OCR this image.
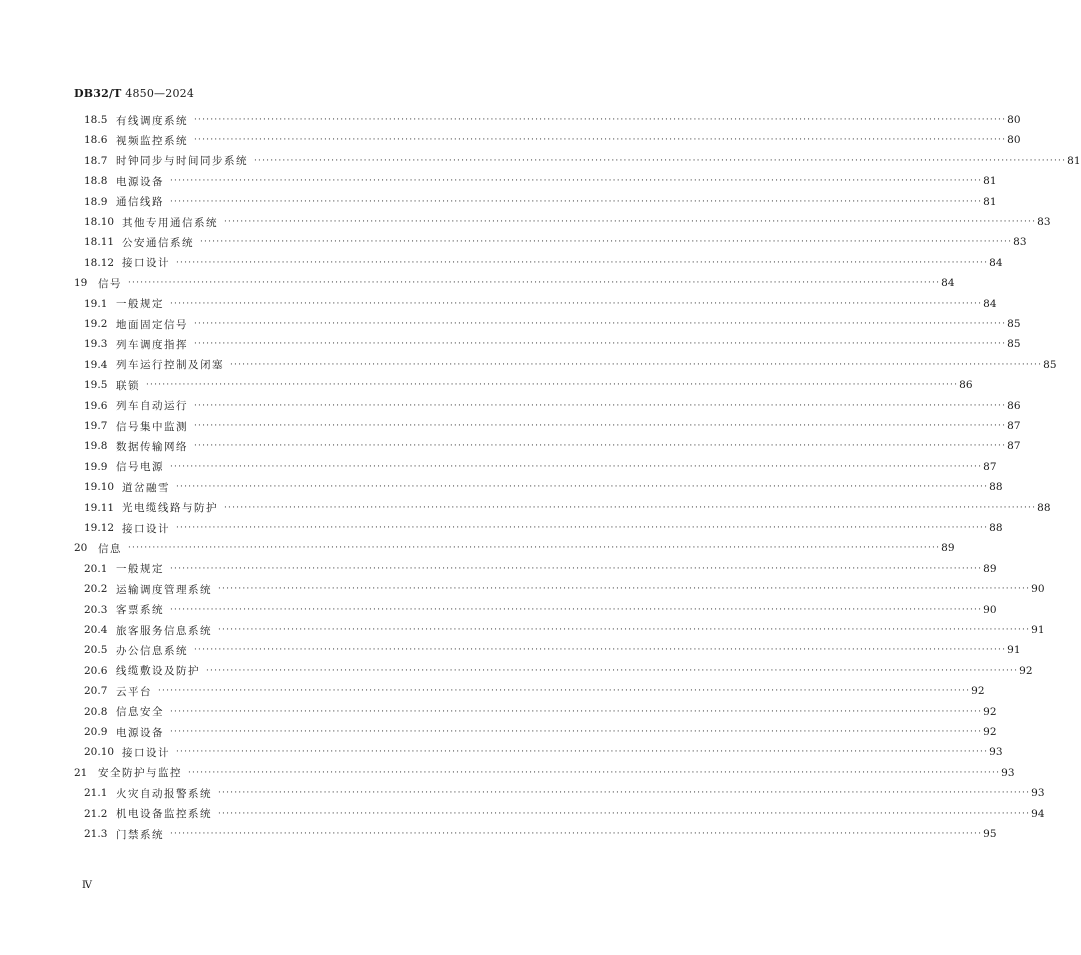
DB32/T 4850—2024
18.5 有线调度系统 ········································································································································································································ 80
18.6 视频监控系统 ········································································································································································································ 80
18.7 时钟同步与时间同步系统 ········································································································································································································ 81
18.8 电源设备 ········································································································································································································ 81
18.9 通信线路 ········································································································································································································ 81
18.10 其他专用通信系统 ········································································································································································································ 83
18.11 公安通信系统 ········································································································································································································ 83
18.12 接口设计 ········································································································································································································ 84
19	信号 ········································································································································································································ 84
19.1 一般规定 ········································································································································································································ 84
19.2 地面固定信号 ········································································································································································································ 85
19.3 列车调度指挥 ········································································································································································································ 85
19.4 列车运行控制及闭塞 ········································································································································································································ 85
19.5 联锁 ········································································································································································································ 86
19.6 列车自动运行 ········································································································································································································ 86
19.7 信号集中监测 ········································································································································································································ 87
19.8 数据传输网络 ········································································································································································································ 87
19.9 信号电源 ········································································································································································································ 87
19.10 道岔融雪 ········································································································································································································ 88
19.11 光电缆线路与防护 ········································································································································································································ 88
19.12 接口设计 ········································································································································································································ 88
20	信息 ········································································································································································································ 89
20.1 一般规定 ········································································································································································································ 89
20.2 运输调度管理系统 ········································································································································································································ 90
20.3 客票系统 ········································································································································································································ 90
20.4 旅客服务信息系统 ········································································································································································································ 91
20.5 办公信息系统 ········································································································································································································ 91
20.6 线缆敷设及防护 ········································································································································································································ 92
20.7 云平台 ········································································································································································································ 92
20.8 信息安全 ········································································································································································································ 92
20.9 电源设备 ········································································································································································································ 92
20.10 接口设计 ········································································································································································································ 93
21	安全防护与监控 ········································································································································································································ 93
21.1 火灾自动报警系统 ········································································································································································································ 93
21.2 机电设备监控系统 ········································································································································································································ 94
21.3 门禁系统 ········································································································································································································ 95
Ⅳ
